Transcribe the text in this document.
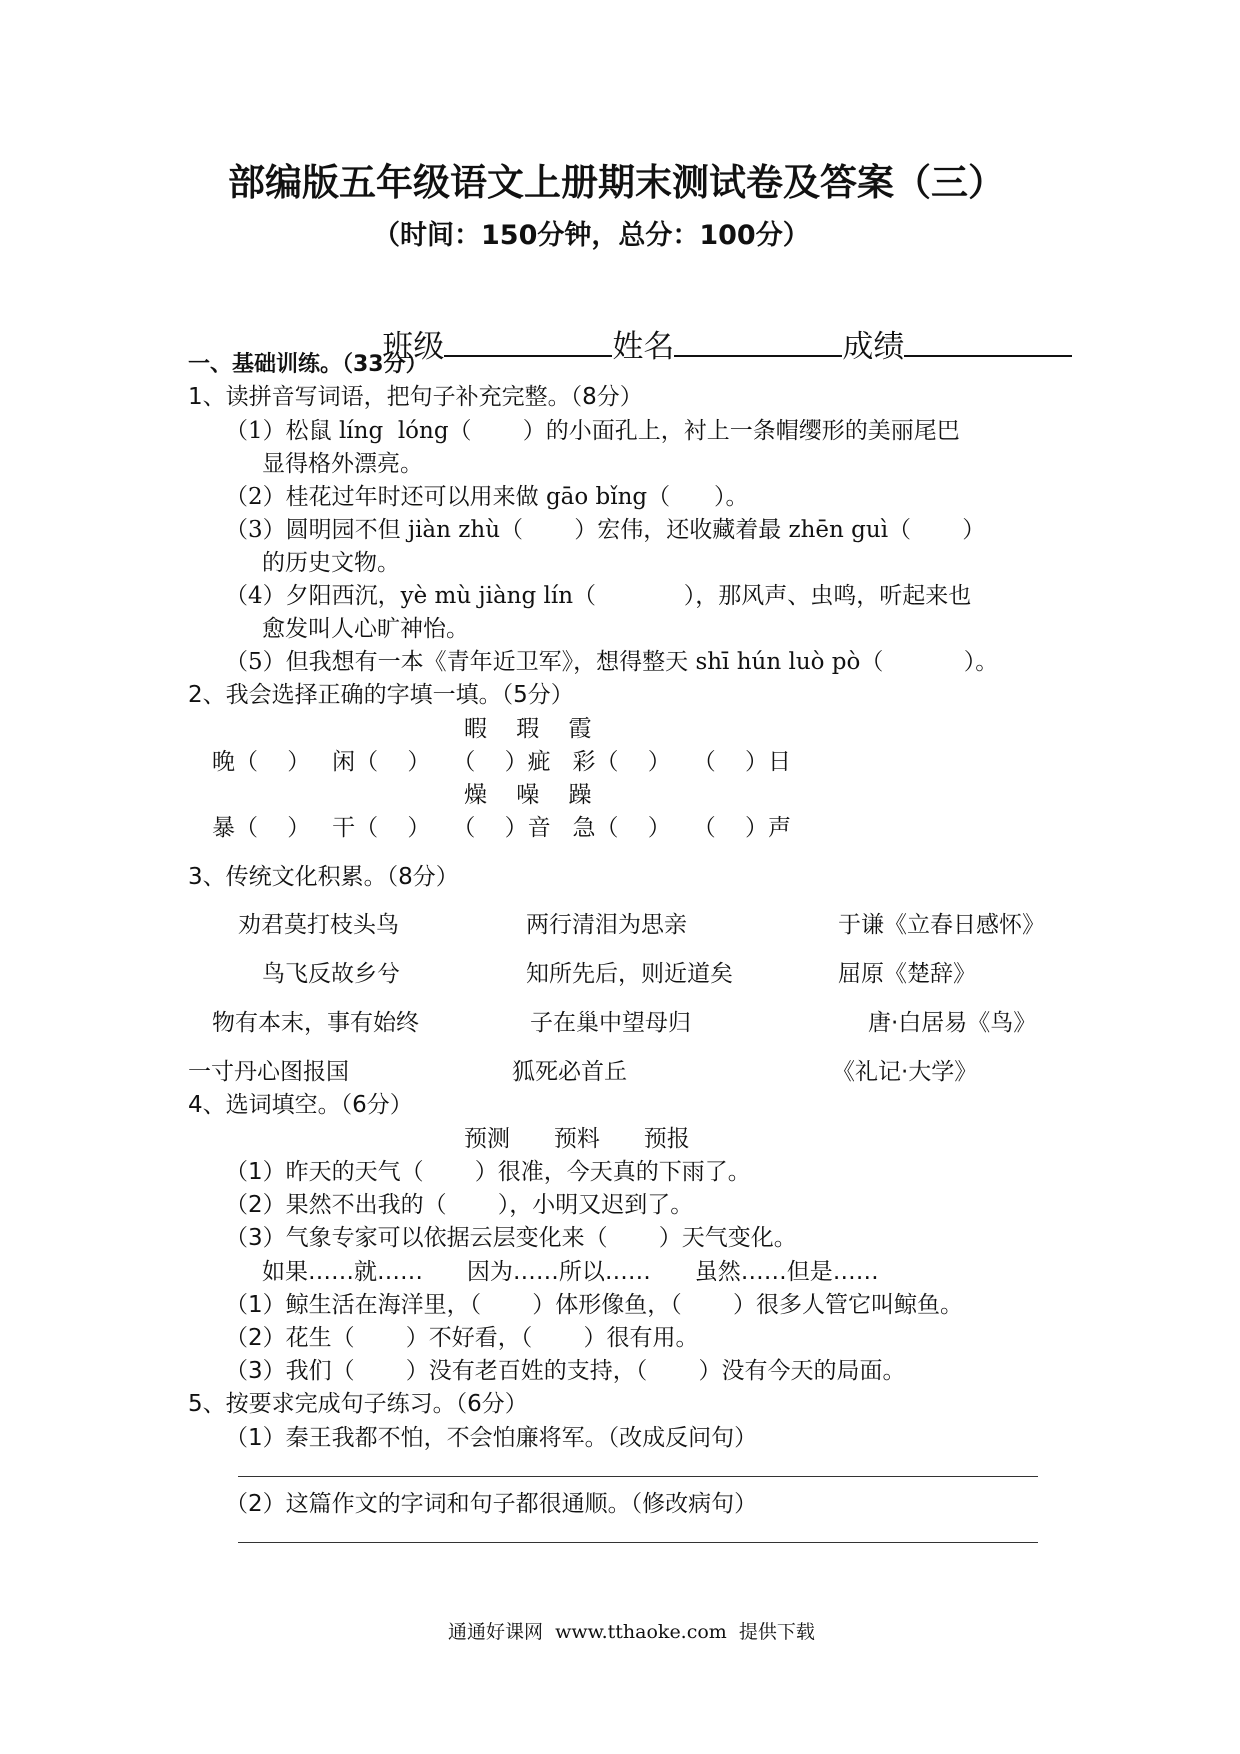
部编版五年级语文上册期末测试卷及答案（三）
（时间：150分钟，总分：100分）

班级	姓名	成绩

一、基础训练。（33分）
1、读拼音写词语，把句子补充完整。（8分）
（1）松鼠 líng  lóng（       ）的小面孔上，衬上一条帽缨形的美丽尾巴
显得格外漂亮。
（2）桂花过年时还可以用来做 gāo bǐng（      ）。
（3）圆明园不但 jiàn zhù（       ）宏伟，还收藏着最 zhēn guì（       ）
的历史文物。
（4）夕阳西沉，yè mù jiàng lín（            ），那风声、虫鸣，听起来也
愈发叫人心旷神怡。
（5）但我想有一本《青年近卫军》，想得整天 shī hún luò pò（           ）。
2、我会选择正确的字填一填。（5分）
暇    瑕    霞
晚（    ）   闲（    ）   （    ）疵   彩（    ）   （    ）日
燥    噪    躁
暴（    ）   干（    ）   （    ）音   急（    ）   （    ）声
3、传统文化积累。（8分）
劝君莫打枝头鸟	两行清泪为思亲	于谦《立春日感怀》
鸟飞反故乡兮	知所先后，则近道矣	屈原《楚辞》
物有本末，事有始终	子在巢中望母归	唐·白居易《鸟》
一寸丹心图报国	狐死必首丘	《礼记·大学》
4、选词填空。（6分）
预测      预料      预报
（1）昨天的天气（       ）很准，今天真的下雨了。
（2）果然不出我的（       ），小明又迟到了。
（3）气象专家可以依据云层变化来（       ）天气变化。
如果……就……      因为……所以……      虽然……但是……
（1）鲸生活在海洋里，（       ）体形像鱼，（       ）很多人管它叫鲸鱼。
（2）花生（       ）不好看，（       ）很有用。
（3）我们（       ）没有老百姓的支持，（       ）没有今天的局面。
5、按要求完成句子练习。（6分）
（1）秦王我都不怕，不会怕廉将军。（改成反问句）
（2）这篇作文的字词和句子都很通顺。（修改病句）
通通好课网  www.tthaoke.com  提供下载
